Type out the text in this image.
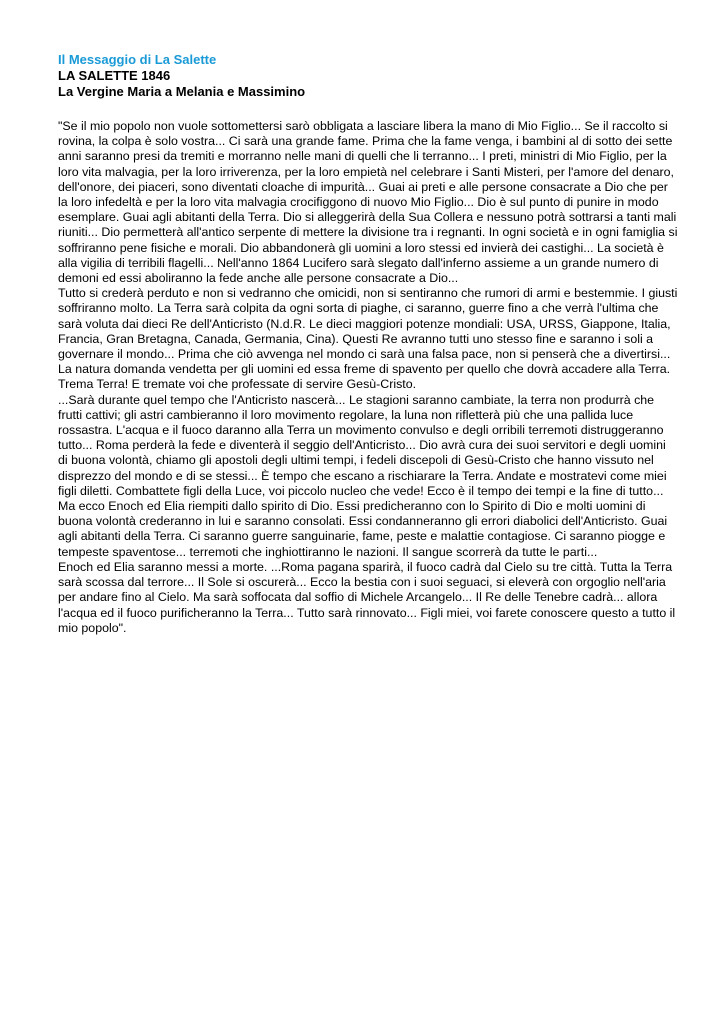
Il Messaggio di La Salette
LA SALETTE 1846
La Vergine Maria a Melania e Massimino

"Se il mio popolo non vuole sottomettersi sarò obbligata a lasciare libera la mano di Mio Figlio... Se il raccolto si rovina, la colpa è solo vostra... Ci sarà una grande fame. Prima che la fame venga, i bambini al di sotto dei sette anni saranno presi da tremiti e morranno nelle mani di quelli che li terranno... I preti, ministri di Mio Figlio, per la loro vita malvagia, per la loro irriverenza, per la loro empietà nel celebrare i Santi Misteri, per l'amore del denaro, dell'onore, dei piaceri, sono diventati cloache di impurità... Guai ai preti e alle persone consacrate a Dio che per la loro infedeltà e per la loro vita malvagia crocifiggono di nuovo Mio Figlio... Dio è sul punto di punire in modo esemplare. Guai agli abitanti della Terra. Dio si alleggerirà della Sua Collera e nessuno potrà sottrarsi a tanti mali riuniti... Dio permetterà all'antico serpente di mettere la divisione tra i regnanti. In ogni società e in ogni famiglia si soffriranno pene fisiche e morali. Dio abbandonerà gli uomini a loro stessi ed invierà dei castighi... La società è alla vigilia di terribili flagelli... Nell'anno 1864 Lucifero sarà slegato dall'inferno assieme a un grande numero di demoni ed essi aboliranno la fede anche alle persone consacrate a Dio...

Tutto si crederà perduto e non si vedranno che omicidi, non si sentiranno che rumori di armi e bestemmie. I giusti soffriranno molto. La Terra sarà colpita da ogni sorta di piaghe, ci saranno, guerre fino a che verrà l'ultima che sarà voluta dai dieci Re dell'Anticristo (N.d.R. Le dieci maggiori potenze mondiali: USA, URSS, Giappone, Italia, Francia, Gran Bretagna, Canada, Germania, Cina). Questi Re avranno tutti uno stesso fine e saranno i soli a governare il mondo... Prima che ciò avvenga nel mondo ci sarà una falsa pace, non si penserà che a divertirsi... La natura domanda vendetta per gli uomini ed essa freme di spavento per quello che dovrà accadere alla Terra. Trema Terra! E tremate voi che professate di servire Gesù-Cristo.

...Sarà durante quel tempo che l'Anticristo nascerà... Le stagioni saranno cambiate, la terra non produrrà che frutti cattivi; gli astri cambieranno il loro movimento regolare, la luna non rifletterà più che una pallida luce rossastra. L'acqua e il fuoco daranno alla Terra un movimento convulso e degli orribili terremoti distruggeranno tutto... Roma perderà la fede e diventerà il seggio dell'Anticristo... Dio avrà cura dei suoi servitori e degli uomini di buona volontà, chiamo gli apostoli degli ultimi tempi, i fedeli discepoli di Gesù-Cristo che hanno vissuto nel disprezzo del mondo e di se stessi... È tempo che escano a rischiarare la Terra. Andate e mostratevi come miei figli diletti. Combattete figli della Luce, voi piccolo nucleo che vede! Ecco è il tempo dei tempi e la fine di tutto...

Ma ecco Enoch ed Elia riempiti dallo spirito di Dio. Essi predicheranno con lo Spirito di Dio e molti uomini di buona volontà crederanno in lui e saranno consolati. Essi condanneranno gli errori diabolici dell'Anticristo. Guai agli abitanti della Terra. Ci saranno guerre sanguinarie, fame, peste e malattie contagiose. Ci saranno piogge e tempeste spaventose... terremoti che inghiottiranno le nazioni. Il sangue scorrerà da tutte le parti...

Enoch ed Elia saranno messi a morte. ...Roma pagana sparirà, il fuoco cadrà dal Cielo su tre città. Tutta la Terra sarà scossa dal terrore... Il Sole si oscurerà... Ecco la bestia con i suoi seguaci, si eleverà con orgoglio nell'aria per andare fino al Cielo. Ma sarà soffocata dal soffio di Michele Arcangelo... Il Re delle Tenebre cadrà... allora l'acqua ed il fuoco purificheranno la Terra... Tutto sarà rinnovato... Figli miei, voi farete conoscere questo a tutto il mio popolo".
